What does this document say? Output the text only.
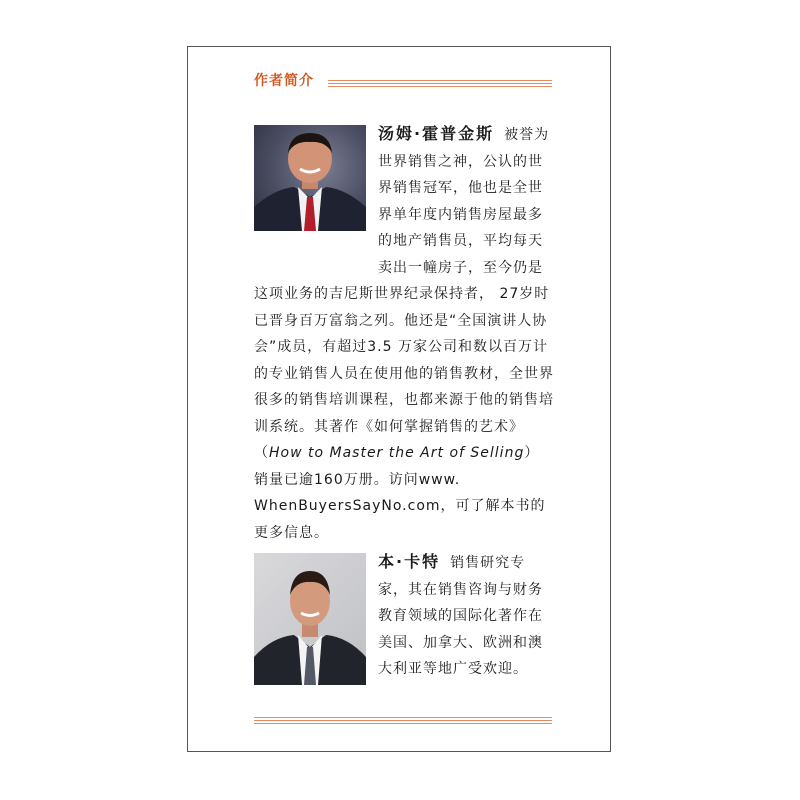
作者简介
汤姆·霍普金斯 被誉为世界销售之神，公认的世界销售冠军，他也是全世界单年度内销售房屋最多的地产销售员，平均每天卖出一幢房子，至今仍是这项业务的吉尼斯世界纪录保持者， 27岁时已晋身百万富翁之列。他还是“全国演讲人协会”成员，有超过3.5 万家公司和数以百万计的专业销售人员在使用他的销售教材，全世界很多的销售培训课程，也都来源于他的销售培训系统。其著作《如何掌握销售的艺术》（How to Master the Art of Selling）销量已逾160万册。访问www. WhenBuyersSayNo.com，可了解本书的更多信息。
本·卡特 销售研究专家，其在销售咨询与财务教育领域的国际化著作在美国、加拿大、欧洲和澳大利亚等地广受欢迎。
